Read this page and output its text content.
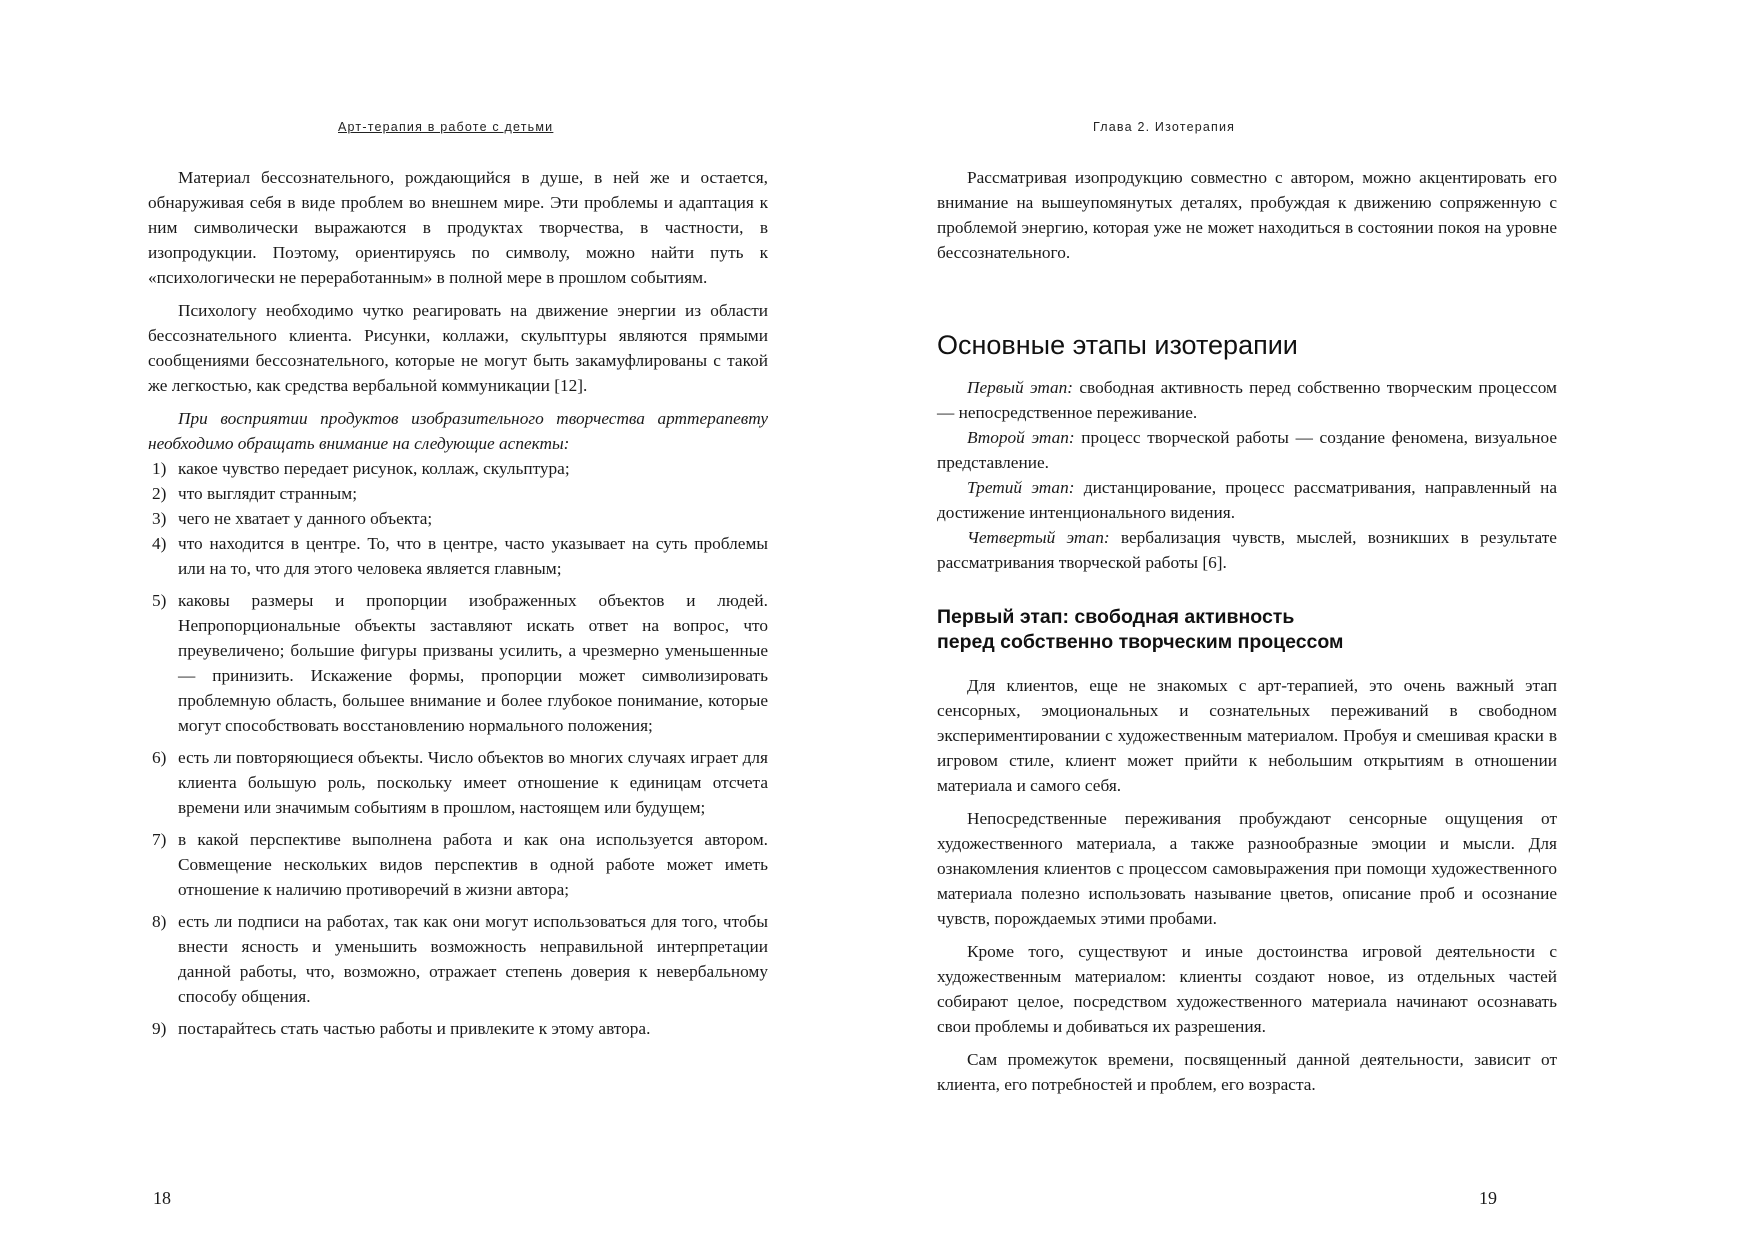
Арт-терапия в работе с детьми

Материал бессознательного, рождающийся в душе, в ней же и остается, обнаруживая себя в виде проблем во внешнем мире. Эти проблемы и адаптация к ним символически выражаются в продуктах творчества, в частности, в изопродукции. Поэтому, ориентируясь по символу, можно найти путь к «психологически не переработанным» в полной мере в прошлом событиям.

Психологу необходимо чутко реагировать на движение энергии из области бессознательного клиента. Рисунки, коллажи, скульптуры являются прямыми сообщениями бессознательного, которые не могут быть закамуфлированы с такой же легкостью, как средства вербальной коммуникации [12].

При восприятии продуктов изобразительного творчества арттерапевту необходимо обращать внимание на следующие аспекты:

1) какое чувство передает рисунок, коллаж, скульптура;
2) что выглядит странным;
3) чего не хватает у данного объекта;
4) что находится в центре. То, что в центре, часто указывает на суть проблемы или на то, что для этого человека является главным;
5) каковы размеры и пропорции изображенных объектов и людей. Непропорциональные объекты заставляют искать ответ на вопрос, что преувеличено; большие фигуры призваны усилить, а чрезмерно уменьшенные — принизить. Искажение формы, пропорции может символизировать проблемную область, большее внимание и более глубокое понимание, которые могут способствовать восстановлению нормального положения;
6) есть ли повторяющиеся объекты. Число объектов во многих случаях играет для клиента большую роль, поскольку имеет отношение к единицам отсчета времени или значимым событиям в прошлом, настоящем или будущем;
7) в какой перспективе выполнена работа и как она используется автором. Совмещение нескольких видов перспектив в одной работе может иметь отношение к наличию противоречий в жизни автора;
8) есть ли подписи на работах, так как они могут использоваться для того, чтобы внести ясность и уменьшить возможность неправильной интерпретации данной работы, что, возможно, отражает степень доверия к невербальному способу общения.
9) постарайтесь стать частью работы и привлеките к этому автора.
18
Глава 2. Изотерапия

Рассматривая изопродукцию совместно с автором, можно акцентировать его внимание на вышеупомянутых деталях, пробуждая к движению сопряженную с проблемой энергию, которая уже не может находиться в состоянии покоя на уровне бессознательного.

Основные этапы изотерапии

Первый этап: свободная активность перед собственно творческим процессом — непосредственное переживание.

Второй этап: процесс творческой работы — создание феномена, визуальное представление.

Третий этап: дистанцирование, процесс рассматривания, направленный на достижение интенционального видения.

Четвертый этап: вербализация чувств, мыслей, возникших в результате рассматривания творческой работы [6].

Первый этап: свободная активность
перед собственно творческим процессом

Для клиентов, еще не знакомых с арт-терапией, это очень важный этап сенсорных, эмоциональных и сознательных переживаний в свободном экспериментировании с художественным материалом. Пробуя и смешивая краски в игровом стиле, клиент может прийти к небольшим открытиям в отношении материала и самого себя.

Непосредственные переживания пробуждают сенсорные ощущения от художественного материала, а также разнообразные эмоции и мысли. Для ознакомления клиентов с процессом самовыражения при помощи художественного материала полезно использовать называние цветов, описание проб и осознание чувств, порождаемых этими пробами.

Кроме того, существуют и иные достоинства игровой деятельности с художественным материалом: клиенты создают новое, из отдельных частей собирают целое, посредством художественного материала начинают осознавать свои проблемы и добиваться их разрешения.

Сам промежуток времени, посвященный данной деятельности, зависит от клиента, его потребностей и проблем, его возраста.

19
